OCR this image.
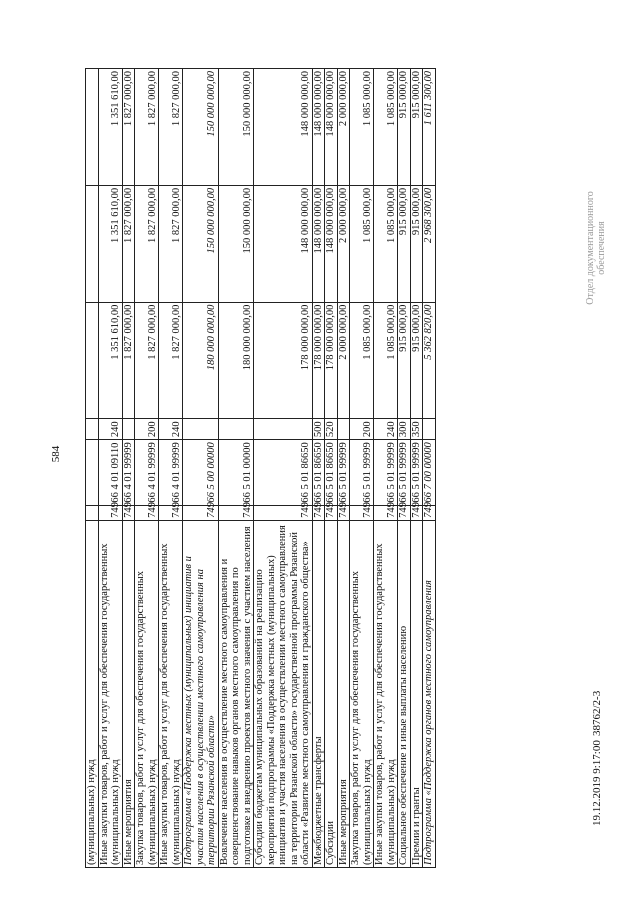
584
(муниципальных) нужд						
Иные закупки товаров, работ и услуг для обеспечения государственных (муниципальных) нужд	749	66 4 01 09110	240	1 351 610,00	1 351 610,00	1 351 610,00
Иные мероприятия	749	66 4 01 99999		1 827 000,00	1 827 000,00	1 827 000,00
Закупка товаров, работ и услуг для обеспечения государственных (муниципальных) нужд	749	66 4 01 99999	200	1 827 000,00	1 827 000,00	1 827 000,00
Иные закупки товаров, работ и услуг для обеспечения государственных (муниципальных) нужд	749	66 4 01 99999	240	1 827 000,00	1 827 000,00	1 827 000,00
Подпрограмма «Поддержка местных (муниципальных) инициатив и участия населения в осуществлении местного самоуправления на территории Рязанской области»	749	66 5 00 00000		180 000 000,00	150 000 000,00	150 000 000,00
Вовлечение населения в осуществление местного самоуправления и совершенствование навыков органов местного самоуправления по подготовке и внедрению проектов местного значения с участием населения	749	66 5 01 00000		180 000 000,00	150 000 000,00	150 000 000,00
Субсидии бюджетам муниципальных образований на реализацию мероприятий подпрограммы «Поддержка местных (муниципальных) инициатив и участия населения в осуществлении местного самоуправления на территории Рязанской области» государственной программы Рязанской области «Развитие местного самоуправления и гражданского общества»	749	66 5 01 86650		178 000 000,00	148 000 000,00	148 000 000,00
Межбюджетные трансферты	749	66 5 01 86650	500	178 000 000,00	148 000 000,00	148 000 000,00
Субсидии	749	66 5 01 86650	520	178 000 000,00	148 000 000,00	148 000 000,00
Иные мероприятия	749	66 5 01 99999		2 000 000,00	2 000 000,00	2 000 000,00
Закупка товаров, работ и услуг для обеспечения государственных (муниципальных) нужд	749	66 5 01 99999	200	1 085 000,00	1 085 000,00	1 085 000,00
Иные закупки товаров, работ и услуг для обеспечения государственных (муниципальных) нужд	749	66 5 01 99999	240	1 085 000,00	1 085 000,00	1 085 000,00
Социальное обеспечение и иные выплаты населению	749	66 5 01 99999	300	915 000,00	915 000,00	915 000,00
Премии и гранты	749	66 5 01 99999	350	915 000,00	915 000,00	915 000,00
Подпрограмма «Поддержка органов местного самоуправления	749	66 7 00 00000		5 362 820,00	2 968 300,00	1 611 300,00
19.12.2019 9:17:00
38762/2-3
Отдел документационного обеспечения
